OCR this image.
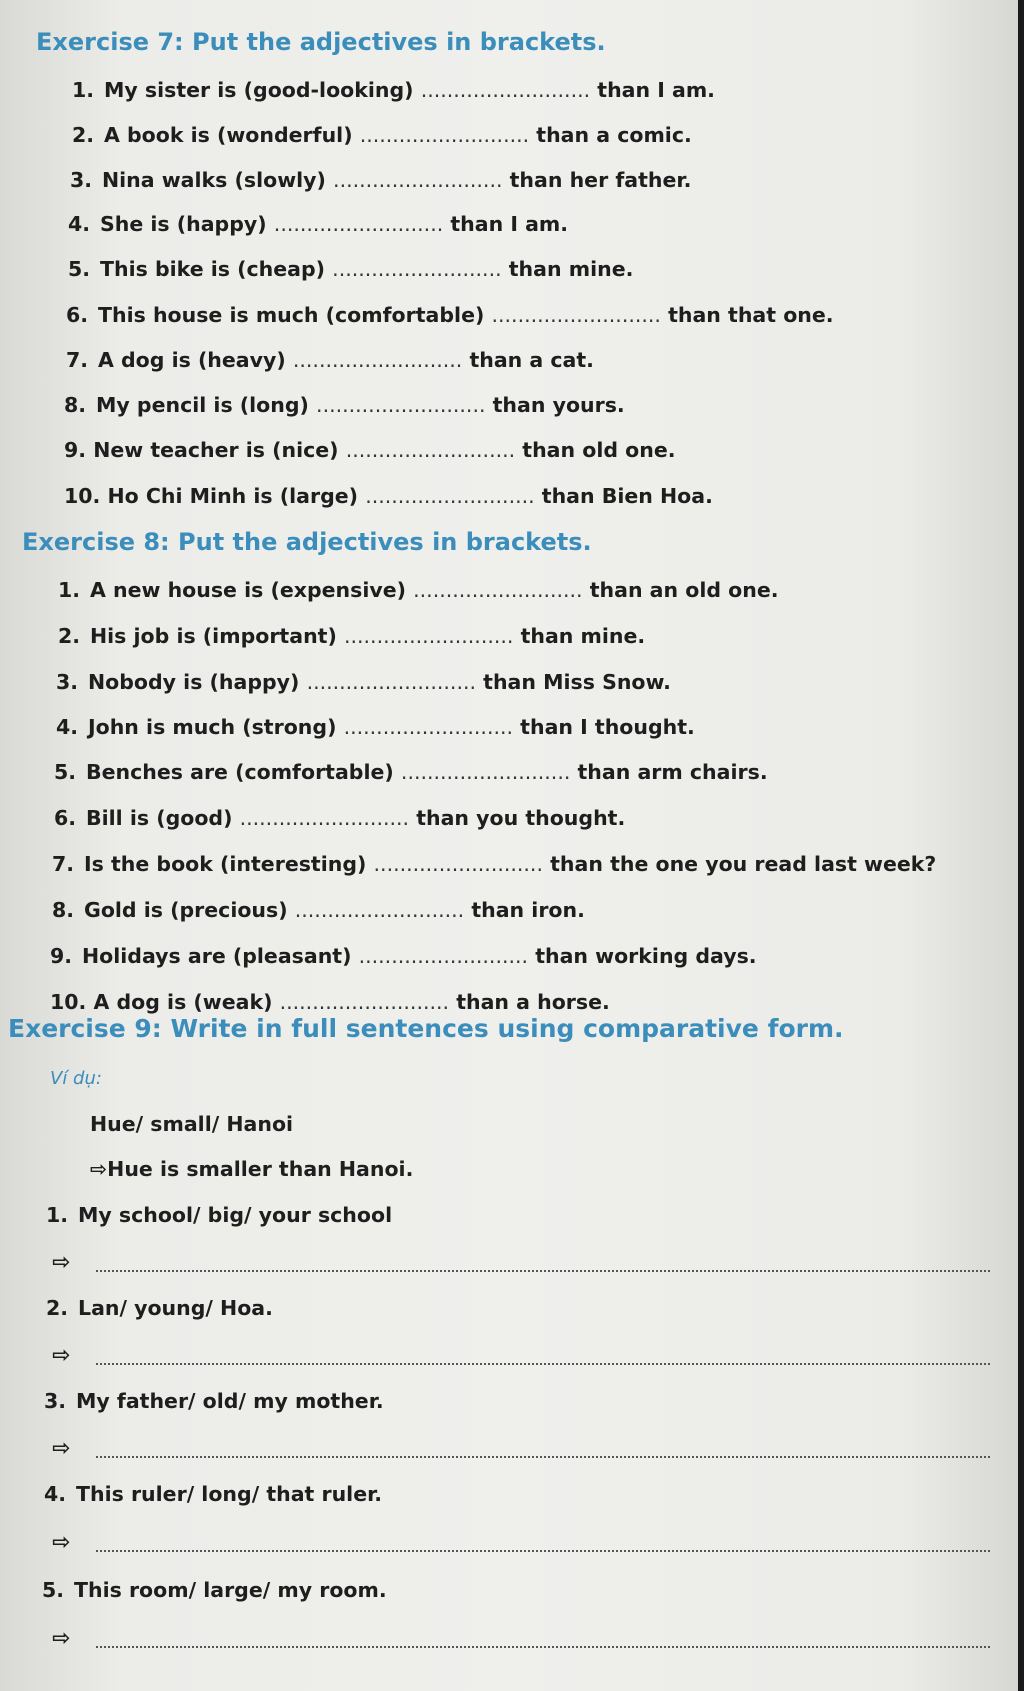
Exercise 7: Put the adjectives in brackets.
1. My sister is (good-looking) .......................... than I am.
2. A book is (wonderful) .......................... than a comic.
3. Nina walks (slowly) .......................... than her father.
4. She is (happy) .......................... than I am.
5. This bike is (cheap) .......................... than mine.
6. This house is much (comfortable) .......................... than that one.
7. A dog is (heavy) .......................... than a cat.
8. My pencil is (long) .......................... than yours.
9. New teacher is (nice) .......................... than old one.
10. Ho Chi Minh is (large) .......................... than Bien Hoa.
Exercise 8: Put the adjectives in brackets.
1. A new house is (expensive) .......................... than an old one.
2. His job is (important) .......................... than mine.
3. Nobody is (happy) .......................... than Miss Snow.
4. John is much (strong) .......................... than I thought.
5. Benches are (comfortable) .......................... than arm chairs.
6. Bill is (good) .......................... than you thought.
7. Is the book (interesting) .......................... than the one you read last week?
8. Gold is (precious) .......................... than iron.
9. Holidays are (pleasant) .......................... than working days.
10. A dog is (weak) .......................... than a horse.
Exercise 9: Write in full sentences using comparative form.
Ví dụ:
Hue/ small/ Hanoi
⇨Hue is smaller than Hanoi.
1. My school/ big/ your school
⇨
2. Lan/ young/ Hoa.
⇨
3. My father/ old/ my mother.
⇨
4. This ruler/ long/ that ruler.
⇨
5. This room/ large/ my room.
⇨
